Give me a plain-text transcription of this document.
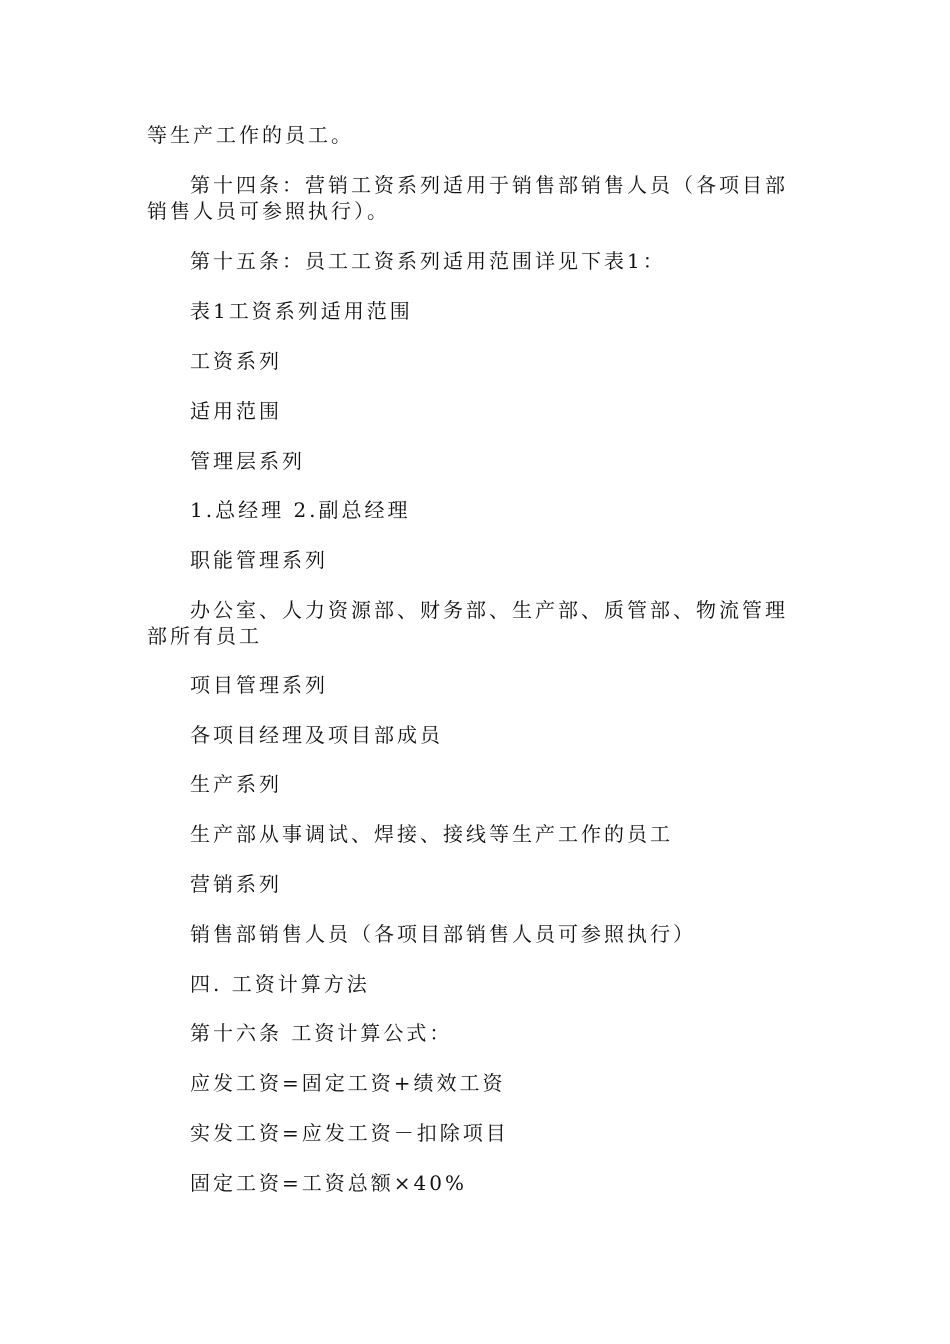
等生产工作的员工。
第十四条：营销工资系列适用于销售部销售人员（各项目部销售人员可参照执行）。
第十五条：员工工资系列适用范围详见下表1：
表1工资系列适用范围
工资系列
适用范围
管理层系列
1.总经理 2.副总经理
职能管理系列
办公室、人力资源部、财务部、生产部、质管部、物流管理部所有员工
项目管理系列
各项目经理及项目部成员
生产系列
生产部从事调试、焊接、接线等生产工作的员工
营销系列
销售部销售人员（各项目部销售人员可参照执行）
四. 工资计算方法
第十六条 工资计算公式：
应发工资=固定工资+绩效工资
实发工资=应发工资－扣除项目
固定工资=工资总额×40%
